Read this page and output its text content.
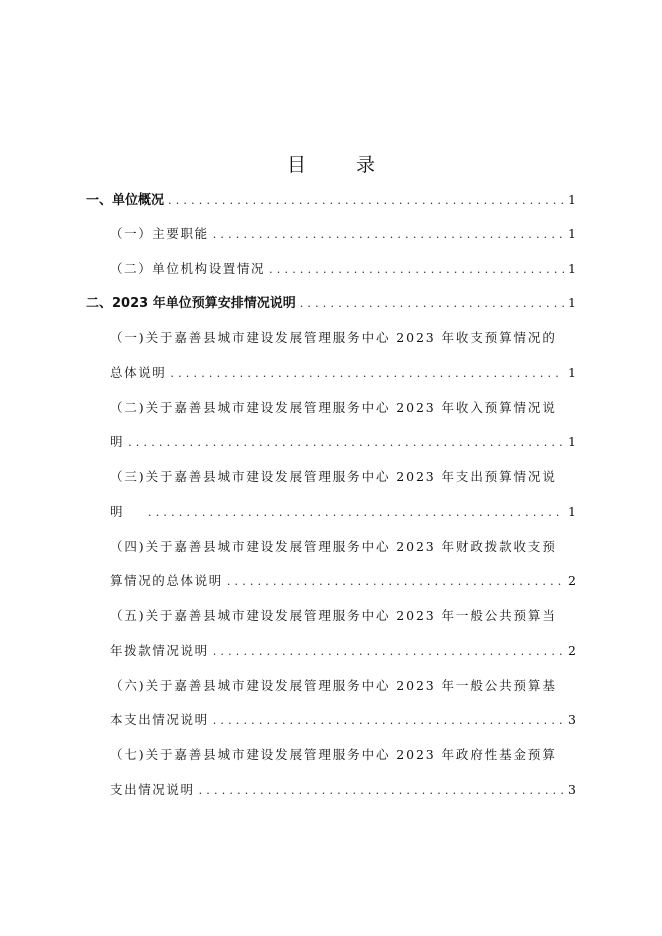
目 录
一、单位概况 .....	1
（一）主要职能 .....	1
（二）单位机构设置情况 .....	1
二、2023 年单位预算安排情况说明 .....	1
（一)关于嘉善县城市建设发展管理服务中心 2023 年收支预算情况的
总体说明 .....	1
（二)关于嘉善县城市建设发展管理服务中心 2023 年收入预算情况说
明 .....	1
（三)关于嘉善县城市建设发展管理服务中心 2023 年支出预算情况说
明 .....	1
（四)关于嘉善县城市建设发展管理服务中心 2023 年财政拨款收支预
算情况的总体说明 .....	2
（五)关于嘉善县城市建设发展管理服务中心 2023 年一般公共预算当
年拨款情况说明 .....	2
（六)关于嘉善县城市建设发展管理服务中心 2023 年一般公共预算基
本支出情况说明 .....	3
（七)关于嘉善县城市建设发展管理服务中心 2023 年政府性基金预算
支出情况说明 .....	3
